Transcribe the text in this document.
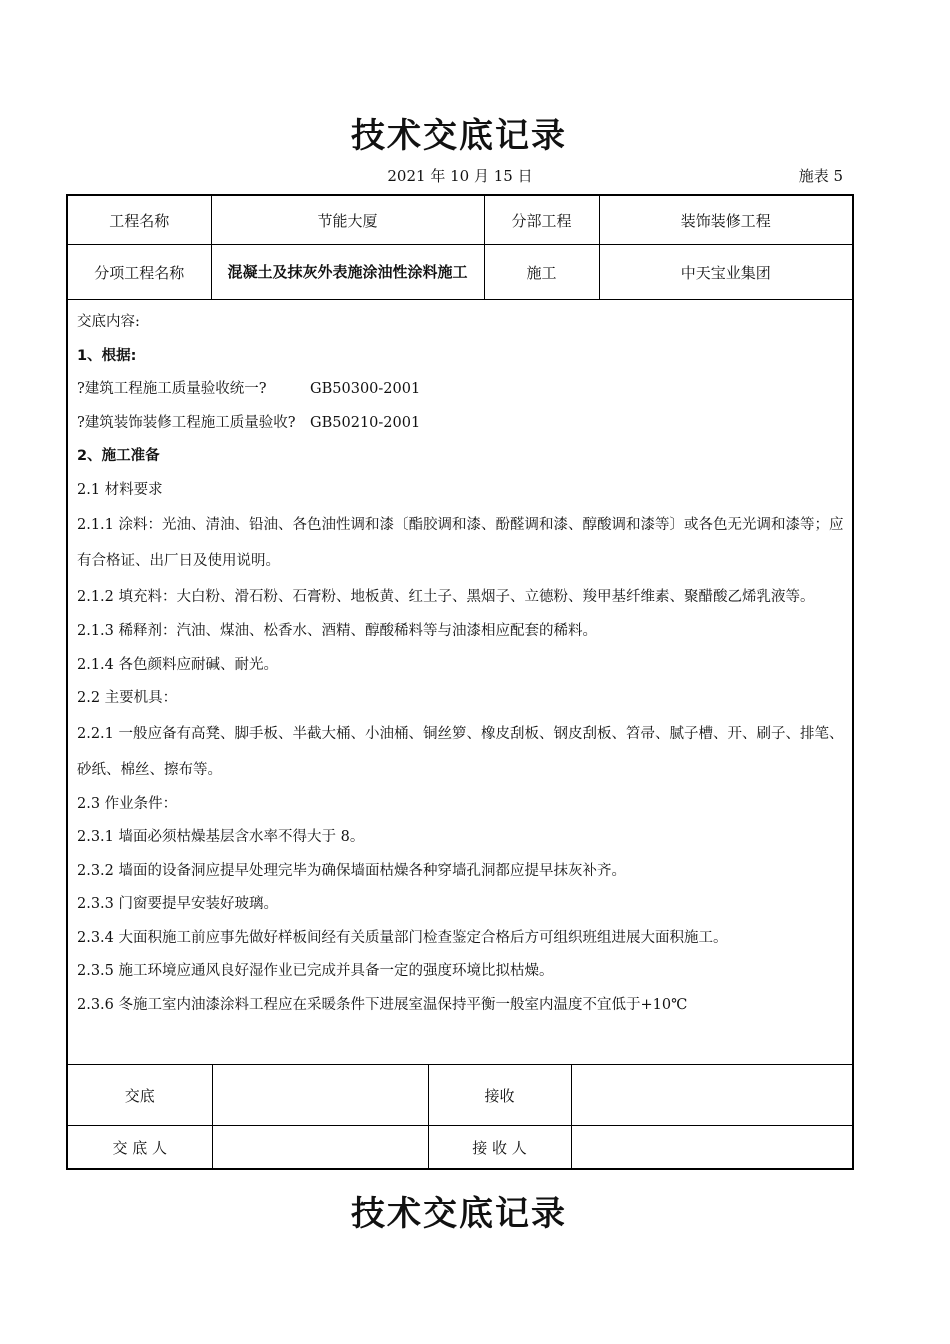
技术交底记录
2021 年 10 月 15 日	施表 5
工程名称	节能大厦	分部工程	装饰装修工程
分项工程名称	混凝土及抹灰外表施涂油性涂料施工	施工	中天宝业集团

交底内容:

1、根据:

?建筑工程施工质量验收统一?　　　GB50300-2001

?建筑装饰装修工程施工质量验收?　GB50210-2001

2、施工准备

2.1 材料要求

2.1.1 涂料：光油、清油、铅油、各色油性调和漆〔酯胶调和漆、酚醛调和漆、醇酸调和漆等〕或各色无光调和漆等；应有合格证、出厂日及使用说明。

2.1.2 填充料：大白粉、滑石粉、石膏粉、地板黄、红土子、黑烟子、立德粉、羧甲基纤维素、聚醋酸乙烯乳液等。

2.1.3 稀释剂：汽油、煤油、松香水、酒精、醇酸稀料等与油漆相应配套的稀料。

2.1.4 各色颜料应耐碱、耐光。

2.2 主要机具：

2.2.1 一般应备有高凳、脚手板、半截大桶、小油桶、铜丝箩、橡皮刮板、钢皮刮板、笤帚、腻子槽、开、刷子、排笔、砂纸、棉丝、擦布等。

2.3 作业条件：

2.3.1 墙面必须枯燥基层含水率不得大于 8。

2.3.2 墙面的设备洞应提早处理完毕为确保墙面枯燥各种穿墙孔洞都应提早抹灰补齐。

2.3.3 门窗要提早安装好玻璃。

2.3.4 大面积施工前应事先做好样板间经有关质量部门检查鉴定合格后方可组织班组进展大面积施工。

2.3.5 施工环境应通风良好湿作业已完成并具备一定的强度环境比拟枯燥。

2.3.6 冬施工室内油漆涂料工程应在采暖条件下进展室温保持平衡一般室内温度不宜低于+10℃

交底		接收	
交 底 人		接 收 人	
技术交底记录
